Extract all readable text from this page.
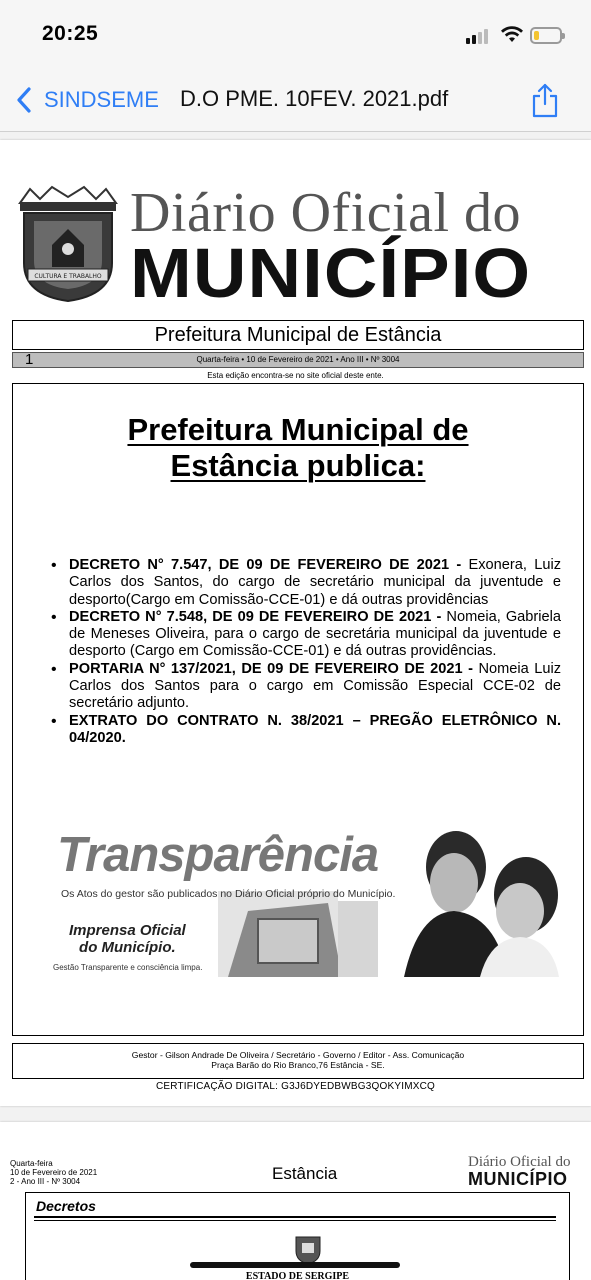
20:25
SINDSEME D.O PME. 10FEV. 2021.pdf
CULTURA E TRABALHO
Diário Oficial do
MUNICÍPIO
Prefeitura Municipal de Estância
1	Quarta-feira • 10 de Fevereiro de 2021 • Ano III • Nº 3004
Esta edição encontra-se no site oficial deste ente.
Prefeitura Municipal de
Estância publica:
• DECRETO N° 7.547, DE 09 DE FEVEREIRO DE 2021 - Exonera, Luiz Carlos dos Santos, do cargo de secretário municipal da juventude e desporto(Cargo em Comissão-CCE-01) e dá outras providências
• DECRETO N° 7.548, DE 09 DE FEVEREIRO DE 2021 - Nomeia, Gabriela de Meneses Oliveira, para o cargo de secretária municipal da juventude e desporto (Cargo em Comissão-CCE-01) e dá outras providências.
• PORTARIA N° 137/2021, DE 09 DE FEVEREIRO DE 2021 - Nomeia Luiz Carlos dos Santos para o cargo em Comissão Especial CCE-02 de secretário adjunto.
• EXTRATO DO CONTRATO N. 38/2021 – PREGÃO ELETRÔNICO N. 04/2020.
Transparência
Os Atos do gestor são publicados no Diário Oficial próprio do Município.
Imprensa Oficial
do Município.
Gestão Transparente e consciência limpa.
Gestor - Gilson Andrade De Oliveira / Secretário - Governo / Editor - Ass. Comunicação
Praça Barão do Rio Branco,76 Estância - SE.
CERTIFICAÇÃO DIGITAL: G3J6DYEDBWBG3QOKYIMXCQ
Quarta-feira
10 de Fevereiro de 2021
2 - Ano III - Nº 3004	Estância
Diário Oficial do
MUNICÍPIO
Decretos
ESTADO DE SERGIPE
